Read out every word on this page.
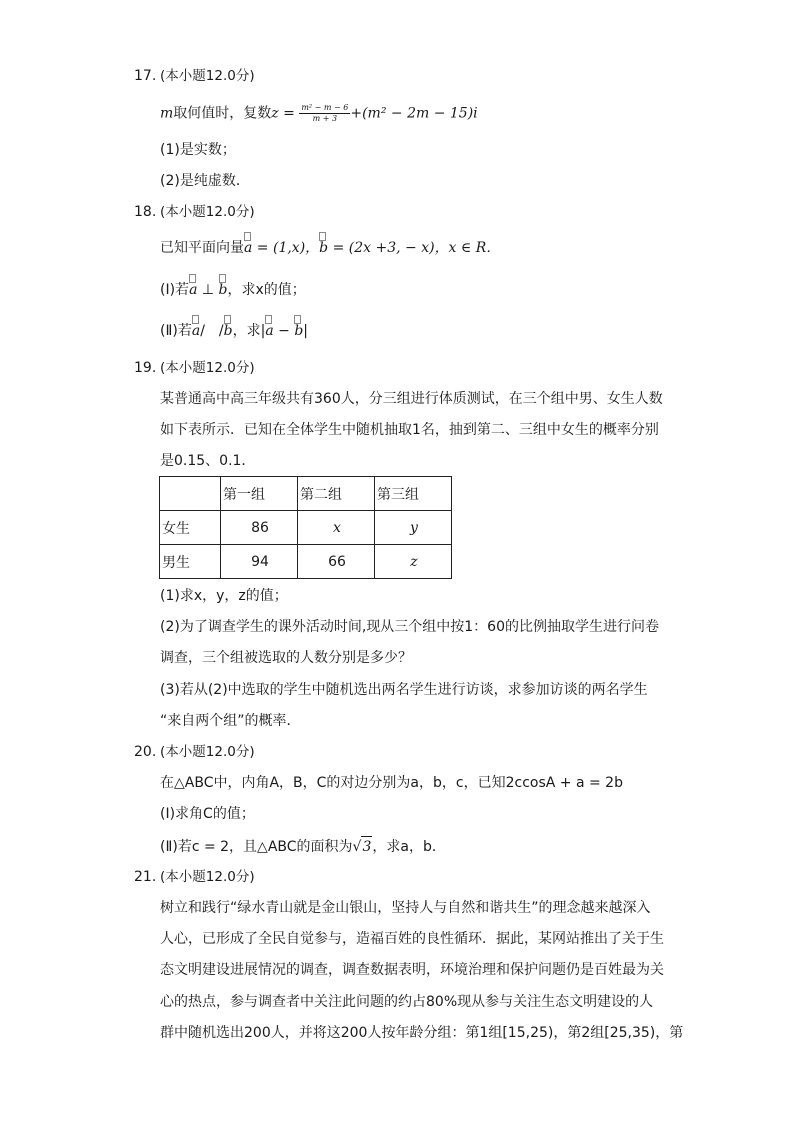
17. (本小题12.0分)
m取何值时，复数$z = \frac{\text{m² − m − 6}}{m + 3} +(m^2 - 2m - 15)i$
(1)是实数；
(2)是纯虚数．
18. (本小题12.0分)
已知平面向量a = (1,x)，b = (2x +3, − x)，x ∈ R．
(Ⅰ)若a ⊥ b，求x的值；
(Ⅱ)若a/　/b，求|a − b|
19. (本小题12.0分)
某普通高中高三年级共有360人，分三组进行体质测试，在三个组中男、女生人数
如下表所示．已知在全体学生中随机抽取1名，抽到第二、三组中女生的概率分别
是0.15、0.1．
	第一组	第二组	第三组
女生	86	x	y
男生	94	66	z
(1)求x，y，z的值；
(2)为了调查学生的课外活动时间,现从三个组中按1：60的比例抽取学生进行问卷
调查，三个组被选取的人数分别是多少？
(3)若从(2)中选取的学生中随机选出两名学生进行访谈，求参加访谈的两名学生
“来自两个组”的概率．
20. (本小题12.0分)
在△ABC中，内角A，B，C的对边分别为a，b，c，已知2ccosA + a = 2b
(Ⅰ)求角C的值；
(Ⅱ)若c = 2，且△ABC的面积为√3，求a，b．
21. (本小题12.0分)
树立和践行“绿水青山就是金山银山，坚持人与自然和谐共生”的理念越来越深入
人心，已形成了全民自觉参与，造福百姓的良性循环．据此，某网站推出了关于生
态文明建设进展情况的调查，调查数据表明，环境治理和保护问题仍是百姓最为关
心的热点，参与调查者中关注此问题的约占80%现从参与关注生态文明建设的人
群中随机选出200人，并将这200人按年龄分组：第1组[15,25)，第2组[25,35)，第
